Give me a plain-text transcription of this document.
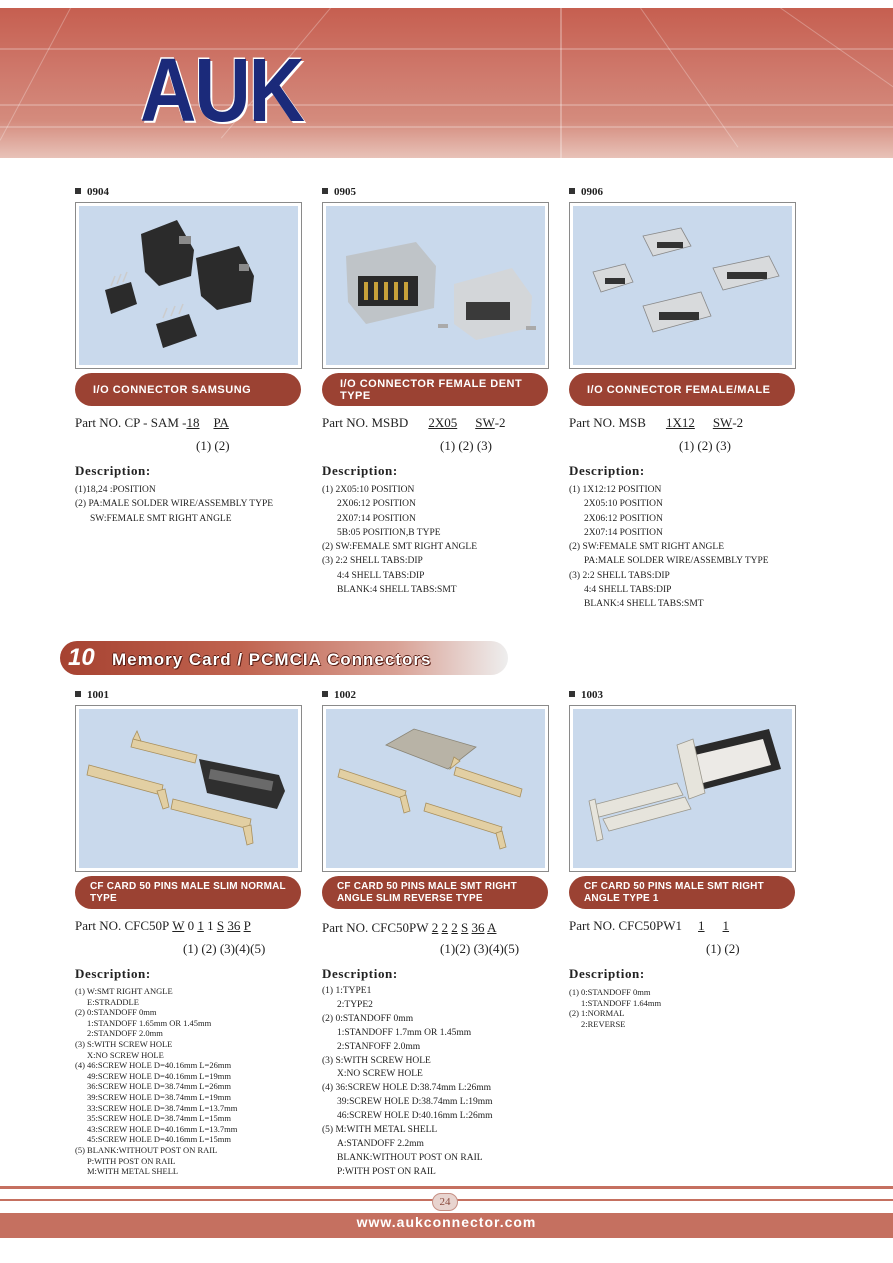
AUK
0904
I/O CONNECTOR SAMSUNG
Part NO. CP - SAM -18 PA
(1) (2)
Description:
(1)18,24 :POSITION
(2) PA:MALE SOLDER WIRE/ASSEMBLY TYPE
SW:FEMALE SMT RIGHT ANGLE
0905
I/O CONNECTOR FEMALE DENT TYPE
Part NO. MSBD 2X05 SW-2
(1) (2) (3)
Description:
(1) 2X05:10 POSITION
2X06:12 POSITION
2X07:14 POSITION
5B:05 POSITION,B TYPE
(2) SW:FEMALE SMT RIGHT ANGLE
(3) 2:2 SHELL TABS:DIP
4:4 SHELL TABS:DIP
BLANK:4 SHELL TABS:SMT
0906
I/O CONNECTOR FEMALE/MALE
Part NO. MSB 1X12 SW-2
(1) (2) (3)
Description:
(1) 1X12:12 POSITION
2X05:10 POSITION
2X06:12 POSITION
2X07:14 POSITION
(2) SW:FEMALE SMT RIGHT ANGLE
PA:MALE SOLDER WIRE/ASSEMBLY TYPE
(3) 2:2 SHELL TABS:DIP
4:4 SHELL TABS:DIP
BLANK:4 SHELL TABS:SMT
10 Memory Card / PCMCIA Connectors
1001
CF CARD 50 PINS MALE SLIM NORMAL TYPE
Part NO. CFC50P W 0 1 1 S 36 P
(1) (2) (3)(4)(5)
Description:
(1) W:SMT RIGHT ANGLE
E:STRADDLE
(2) 0:STANDOFF 0mm
1:STANDOFF 1.65mm OR 1.45mm
2:STANDOFF 2.0mm
(3) S:WITH SCREW HOLE
X:NO SCREW HOLE
(4) 46:SCREW HOLE D=40.16mm L=26mm
49:SCREW HOLE D=40.16mm L=19mm
36:SCREW HOLE D=38.74mm L=26mm
39:SCREW HOLE D=38.74mm L=19mm
33:SCREW HOLE D=38.74mm L=13.7mm
35:SCREW HOLE D=38.74mm L=15mm
43:SCREW HOLE D=40.16mm L=13.7mm
45:SCREW HOLE D=40.16mm L=15mm
(5) BLANK:WITHOUT POST ON RAIL
P:WITH POST ON RAIL
M:WITH METAL SHELL
1002
CF CARD 50 PINS MALE SMT RIGHT ANGLE SLIM REVERSE TYPE
Part NO. CFC50PW 2 2 2 S 36 A
(1)(2) (3)(4)(5)
Description:
(1) 1:TYPE1
2:TYPE2
(2) 0:STANDOFF 0mm
1:STANDOFF 1.7mm OR 1.45mm
2:STANFOFF 2.0mm
(3) S:WITH SCREW HOLE
X:NO SCREW HOLE
(4) 36:SCREW HOLE D:38.74mm L:26mm
39:SCREW HOLE D:38.74mm L:19mm
46:SCREW HOLE D:40.16mm L:26mm
(5) M:WITH METAL SHELL
A:STANDOFF 2.2mm
BLANK:WITHOUT POST ON RAIL
P:WITH POST ON RAIL
1003
CF CARD 50 PINS MALE SMT RIGHT ANGLE TYPE 1
Part NO. CFC50PW1 1 1
(1) (2)
Description:
(1) 0:STANDOFF 0mm
1:STANDOFF 1.64mm
(2) 1:NORMAL
2:REVERSE
24
www.aukconnector.com
